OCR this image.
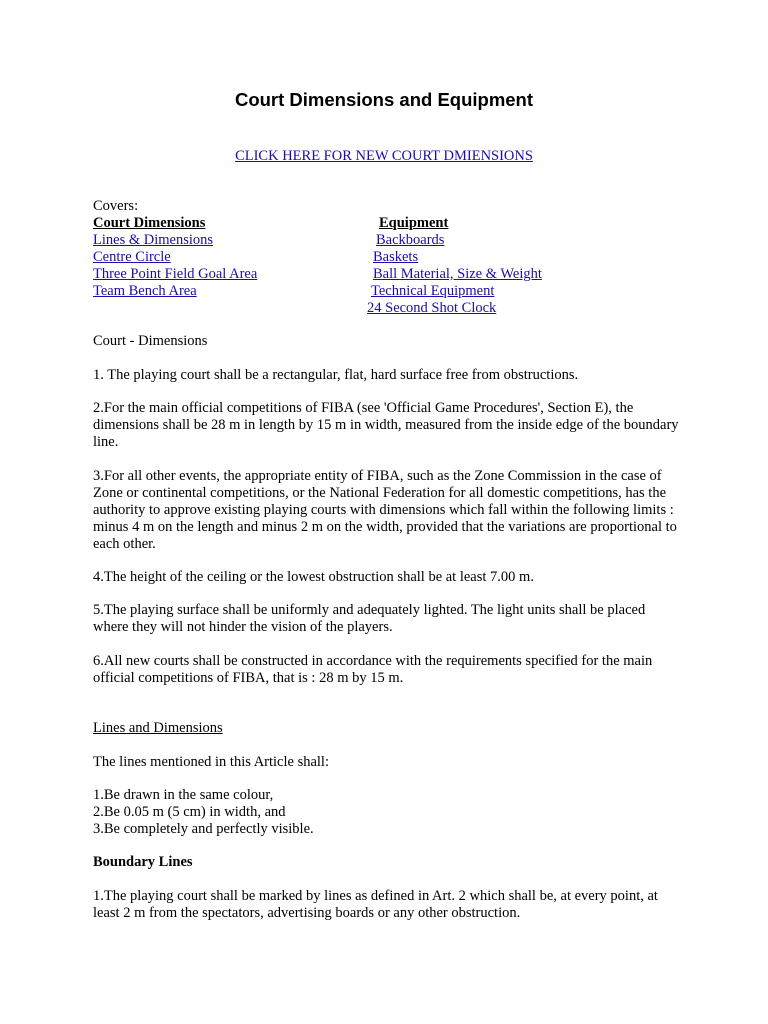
Court Dimensions and Equipment
CLICK HERE FOR NEW COURT DMIENSIONS
Covers:
Court Dimensions
Lines & Dimensions
Centre Circle
Three Point Field Goal Area
Team Bench Area
Equipment
Backboards
Baskets
Ball Material, Size & Weight
Technical Equipment
24 Second Shot Clock
Court - Dimensions
1. The playing court shall be a rectangular, flat, hard surface free from obstructions.
2.For the main official competitions of FIBA (see 'Official Game Procedures', Section E), the dimensions shall be 28 m in length by 15 m in width, measured from the inside edge of the boundary line.
3.For all other events, the appropriate entity of FIBA, such as the Zone Commission in the case of Zone or continental competitions, or the National Federation for all domestic competitions, has the authority to approve existing playing courts with dimensions which fall within the following limits : minus 4 m on the length and minus 2 m on the width, provided that the variations are proportional to each other.
4.The height of the ceiling or the lowest obstruction shall be at least 7.00 m.
5.The playing surface shall be uniformly and adequately lighted. The light units shall be placed where they will not hinder the vision of the players.
6.All new courts shall be constructed in accordance with the requirements specified for the main official competitions of FIBA, that is : 28 m by 15 m.
Lines and Dimensions
The lines mentioned in this Article shall:
1.Be drawn in the same colour,
2.Be 0.05 m (5 cm) in width, and
3.Be completely and perfectly visible.
Boundary Lines
1.The playing court shall be marked by lines as defined in Art. 2 which shall be, at every point, at least 2 m from the spectators, advertising boards or any other obstruction.
